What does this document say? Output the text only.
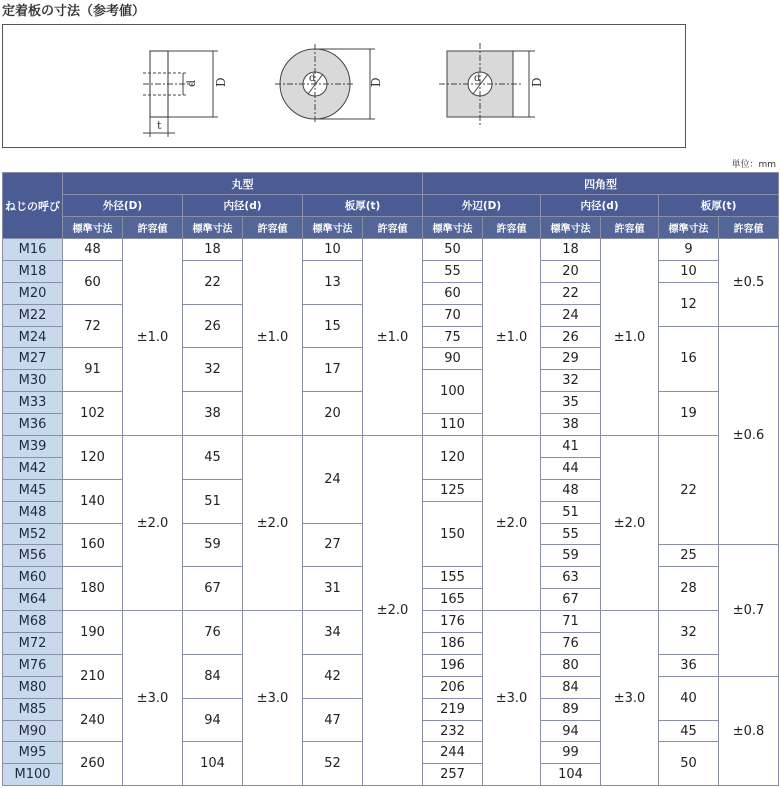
定着板の寸法（参考値）
t
d D	d	D	d	D
単位：mm
ねじの呼び	丸型						四角型					
	外径(D)		内径(d)		板厚(t)		外辺(D)		内径(d)		板厚(t)	
	標準寸法	許容値	標準寸法	許容値	標準寸法	許容値	標準寸法	許容値	標準寸法	許容値	標準寸法	許容値
M16	48	±1.0	18	±1.0	10	±1.0	50	±1.0	18	±1.0	9	±0.5
M18	60		22		13		55		20		10	
M20							60		22		12	
M22	72		26		15		70		24			
M24							75		26		16	±0.6
M27	91		32		17		90		29			
M30							100		32			
M33	102		38		20				35		19	
M36							110		38			
M39	120	±2.0	45	±2.0	24	±2.0	120	±2.0	41	±2.0	22	
M42									44			
M45	140		51				125		48			
M48							150		51			
M52	160		59		27				55			
M56									59		25	±0.7
M60	180		67		31		155		63		28	
M64							165		67			
M68	190	±3.0	76	±3.0	34		176	±3.0	71	±3.0	32	
M72							186		76			
M76	210		84		42		196		80		36	
M80							206		84		40	±0.8
M85	240		94		47		219		89			
M90							232		94		45	
M95	260		104		52		244		99		50	
M100							257		104			
